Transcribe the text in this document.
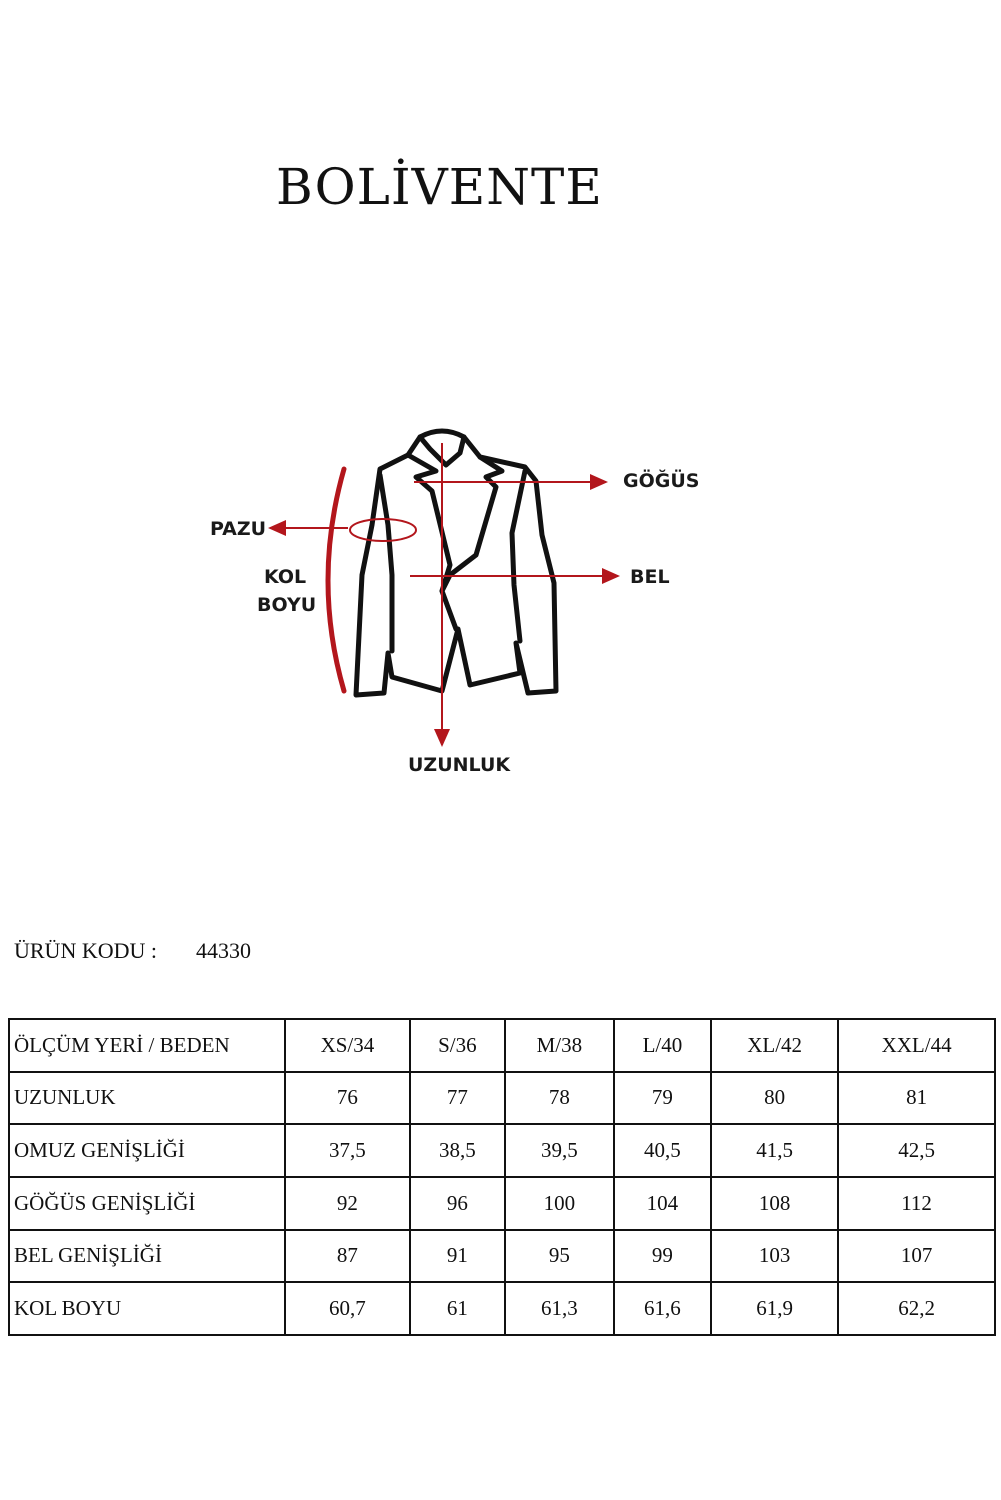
BOLİVENTE
GÖĞÜS
PAZU
KOL
BOYU
BEL
UZUNLUK
ÜRÜN KODU : 44330
ÖLÇÜM YERİ / BEDEN	XS/34	S/36	M/38	L/40	XL/42	XXL/44
UZUNLUK	76	77	78	79	80	81
OMUZ GENİŞLİĞİ	37,5	38,5	39,5	40,5	41,5	42,5
GÖĞÜS GENİŞLİĞİ	92	96	100	104	108	112
BEL GENİŞLİĞİ	87	91	95	99	103	107
KOL BOYU	60,7	61	61,3	61,6	61,9	62,2
